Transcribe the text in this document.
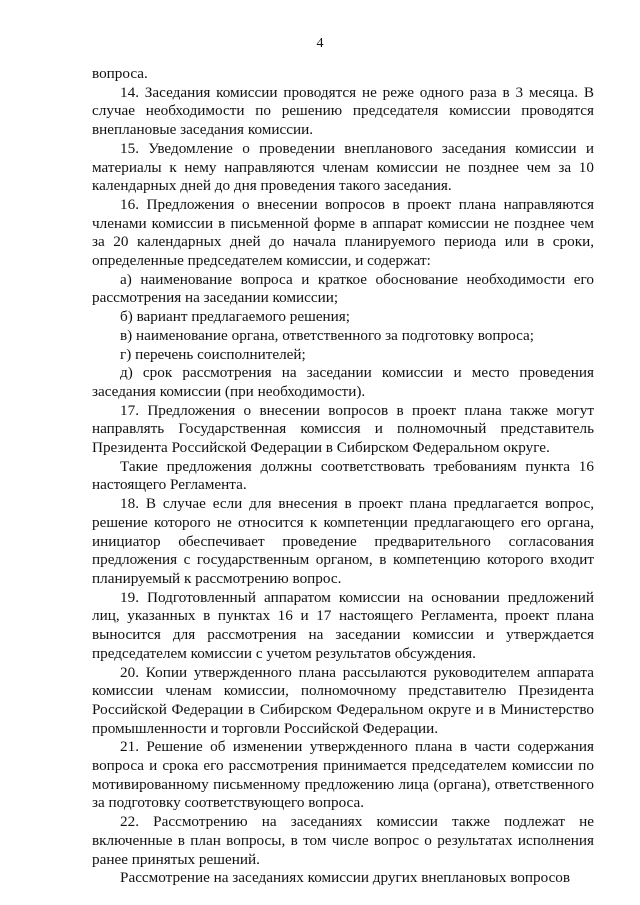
4

вопроса.

14. Заседания комиссии проводятся не реже одного раза в 3 месяца. В случае необходимости по решению председателя комиссии проводятся внеплановые заседания комиссии.

15. Уведомление о проведении внепланового заседания комиссии и материалы к нему направляются членам комиссии не позднее чем за 10 календарных дней до дня проведения такого заседания.

16. Предложения о внесении вопросов в проект плана направляются членами комиссии в письменной форме в аппарат комиссии не позднее чем за 20 календарных дней до начала планируемого периода или в сроки, определенные председателем комиссии, и содержат:

а) наименование вопроса и краткое обоснование необходимости его рассмотрения на заседании комиссии;

б) вариант предлагаемого решения;

в) наименование органа, ответственного за подготовку вопроса;

г) перечень соисполнителей;

д) срок рассмотрения на заседании комиссии и место проведения заседания комиссии (при необходимости).

17. Предложения о внесении вопросов в проект плана также могут направлять Государственная комиссия и полномочный представитель Президента Российской Федерации в Сибирском Федеральном округе.

Такие предложения должны соответствовать требованиям пункта 16 настоящего Регламента.

18. В случае если для внесения в проект плана предлагается вопрос, решение которого не относится к компетенции предлагающего его органа, инициатор обеспечивает проведение предварительного согласования предложения с государственным органом, в компетенцию которого входит планируемый к рассмотрению вопрос.

19. Подготовленный аппаратом комиссии на основании предложений лиц, указанных в пунктах 16 и 17 настоящего Регламента, проект плана выносится для рассмотрения на заседании комиссии и утверждается председателем комиссии с учетом результатов обсуждения.

20. Копии утвержденного плана рассылаются руководителем аппарата комиссии членам комиссии, полномочному представителю Президента Российской Федерации в Сибирском Федеральном округе и в Министерство промышленности и торговли Российской Федерации.

21. Решение об изменении утвержденного плана в части содержания вопроса и срока его рассмотрения принимается председателем комиссии по мотивированному письменному предложению лица (органа), ответственного за подготовку соответствующего вопроса.

22. Рассмотрению на заседаниях комиссии также подлежат не включенные в план вопросы, в том числе вопрос о результатах исполнения ранее принятых решений.

Рассмотрение на заседаниях комиссии других внеплановых вопросов
